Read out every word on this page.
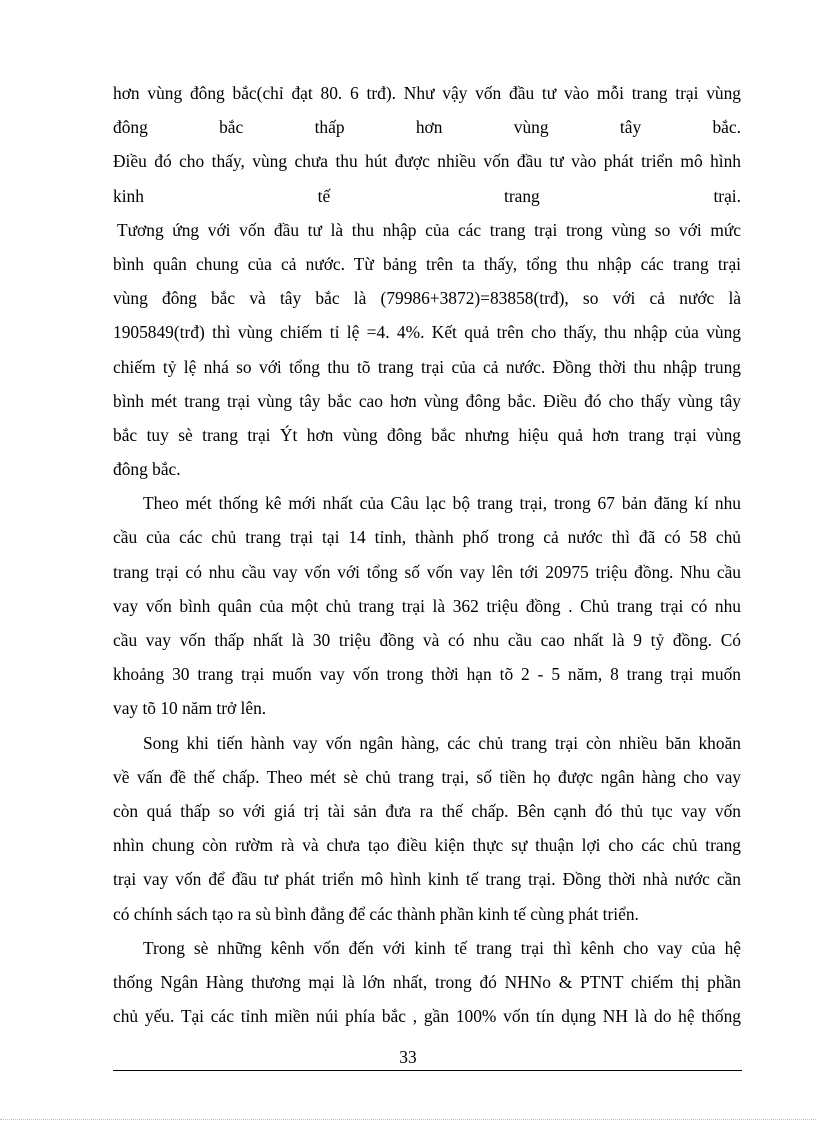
hơn vùng đông bắc(chỉ đạt 80. 6 trđ). Như vậy vốn đầu tư vào mỗi trang trại vùng
đông	bắc	thấp	hơn	vùng	tây	bắc.
Điều đó cho thấy, vùng chưa thu hút được nhiều vốn đầu tư vào phát triển mô hình
kinh	tế	trang	trại.
Tương ứng với vốn đầu tư là thu nhập của các trang trại trong vùng so với mức
bình quân chung của cả nước. Từ bảng trên ta thấy, tổng thu nhập các trang trại
vùng đông bắc và tây bắc là (79986+3872)=83858(trđ), so với cả nước là
1905849(trđ) thì vùng chiếm tỉ lệ =4. 4%. Kết quả trên cho thấy, thu nhập của vùng
chiếm tỷ lệ nhá so với tổng thu tõ trang trại của cả nước. Đồng thời thu nhập trung
bình mét trang trại vùng tây bắc cao hơn vùng đông bắc. Điều đó cho thấy vùng tây
bắc tuy sè trang trại Ýt hơn vùng đông bắc nhưng hiệu quả hơn trang trại vùng
đông bắc.
Theo mét thống kê mới nhất của Câu lạc bộ trang trại, trong 67 bản đăng kí nhu
cầu của các chủ trang trại tại 14 tỉnh, thành phố trong cả nước thì đã có 58 chủ
trang trại có nhu cầu vay vốn với tổng số vốn vay lên tới 20975 triệu đồng. Nhu cầu
vay vốn bình quân của một chủ trang trại là 362 triệu đồng . Chủ trang trại có nhu
cầu vay vốn thấp nhất là 30 triệu đồng và có nhu cầu cao nhất là 9 tỷ đồng. Có
khoảng 30 trang trại muốn vay vốn trong thời hạn tõ 2 - 5 năm, 8 trang trại muốn
vay tõ 10 năm trở lên.
Song khi tiến hành vay vốn ngân hàng, các chủ trang trại còn nhiều băn khoăn
về vấn đề thế chấp. Theo mét sè chủ trang trại, số tiền họ được ngân hàng cho vay
còn quá thấp so với giá trị tài sản đưa ra thế chấp. Bên cạnh đó thủ tục vay vốn
nhìn chung còn rườm rà và chưa tạo điều kiện thực sự thuận lợi cho các chủ trang
trại vay vốn để đầu tư phát triển mô hình kinh tế trang trại. Đồng thời nhà nước cần
có chính sách tạo ra sù bình đẳng để các thành phần kinh tế cùng phát triển.
Trong sè những kênh vốn đến với kinh tế trang trại thì kênh cho vay của hệ
thống Ngân Hàng thương mại là lớn nhất, trong đó NHNo & PTNT chiếm thị phần
chủ yếu. Tại các tỉnh miền núi phía bắc , gần 100% vốn tín dụng NH là do hệ thống
33
